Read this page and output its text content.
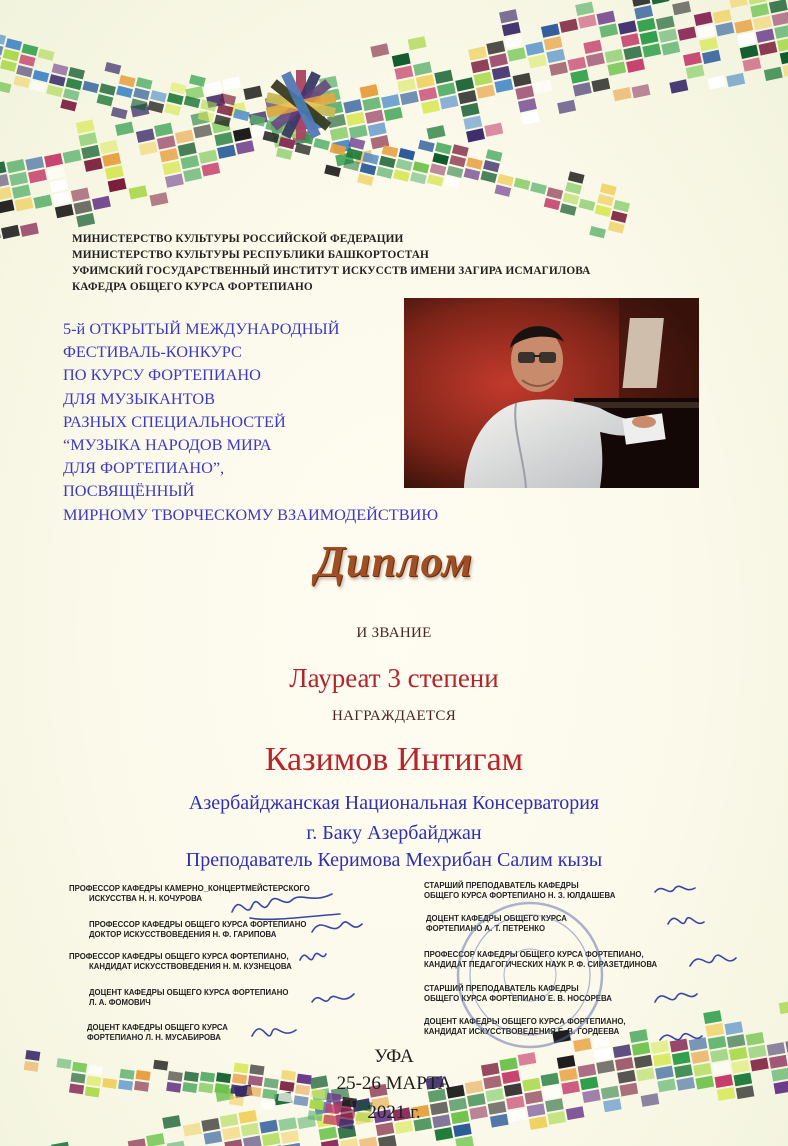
МИНИСТЕРСТВО КУЛЬТУРЫ РОССИЙСКОЙ ФЕДЕРАЦИИ
МИНИСТЕРСТВО КУЛЬТУРЫ РЕСПУБЛИКИ БАШКОРТОСТАН
УФИМСКИЙ ГОСУДАРСТВЕННЫЙ ИНСТИТУТ ИСКУССТВ ИМЕНИ ЗАГИРА ИСМАГИЛОВА
КАФЕДРА ОБЩЕГО КУРСА ФОРТЕПИАНО
5-й ОТКРЫТЫЙ МЕЖДУНАРОДНЫЙ
ФЕСТИВАЛЬ-КОНКУРС
ПО КУРСУ ФОРТЕПИАНО
ДЛЯ МУЗЫКАНТОВ
РАЗНЫХ СПЕЦИАЛЬНОСТЕЙ
“МУЗЫКА НАРОДОВ МИРА
ДЛЯ ФОРТЕПИАНО”,
ПОСВЯЩЁННЫЙ
МИРНОМУ ТВОРЧЕСКОМУ ВЗАИМОДЕЙСТВИЮ
Диплом
И ЗВАНИЕ
Лауреат 3 степени
НАГРАЖДАЕТСЯ
Казимов Интигам
Азербайджанская Национальная Консерватория
г. Баку Азербайджан
Преподаватель Керимова Мехрибан Салим кызы
ПРОФЕССОР КАФЕДРЫ КАМЕРНО_КОНЦЕРТМЕЙСТЕРСКОГО
ИСКУССТВА Н. Н. КОЧУРОВА
ПРОФЕССОР КАФЕДРЫ ОБЩЕГО КУРСА ФОРТЕПИАНО
ДОКТОР ИСКУССТВОВЕДЕНИЯ Н. Ф. ГАРИПОВА
ПРОФЕССОР КАФЕДРЫ ОБЩЕГО КУРСА ФОРТЕПИАНО,
КАНДИДАТ ИСКУССТВОВЕДЕНИЯ Н. М. КУЗНЕЦОВА
ДОЦЕНТ КАФЕДРЫ ОБЩЕГО КУРСА ФОРТЕПИАНО
Л. А. ФОМОВИЧ
ДОЦЕНТ КАФЕДРЫ ОБЩЕГО КУРСА
ФОРТЕПИАНО Л. Н. МУСАБИРОВА
СТАРШИЙ ПРЕПОДАВАТЕЛЬ КАФЕДРЫ
ОБЩЕГО КУРСА ФОРТЕПИАНО Н. З. ЮЛДАШЕВА
ДОЦЕНТ КАФЕДРЫ ОБЩЕГО КУРСА
ФОРТЕПИАНО А. Т. ПЕТРЕНКО
ПРОФЕССОР КАФЕДРЫ ОБЩЕГО КУРСА ФОРТЕПИАНО,
КАНДИДАТ ПЕДАГОГИЧЕСКИХ НАУК Р. Ф. СИРАЗЕТДИНОВА
СТАРШИЙ ПРЕПОДАВАТЕЛЬ КАФЕДРЫ
ОБЩЕГО КУРСА ФОРТЕПИАНО Е. В. НОСОРЕВА
ДОЦЕНТ КАФЕДРЫ ОБЩЕГО КУРСА ФОРТЕПИАНО,
КАНДИДАТ ИСКУССТВОВЕДЕНИЯ Е. В. ГОРДЕЕВА
УФА
25-26 МАРТА
2021 г.
